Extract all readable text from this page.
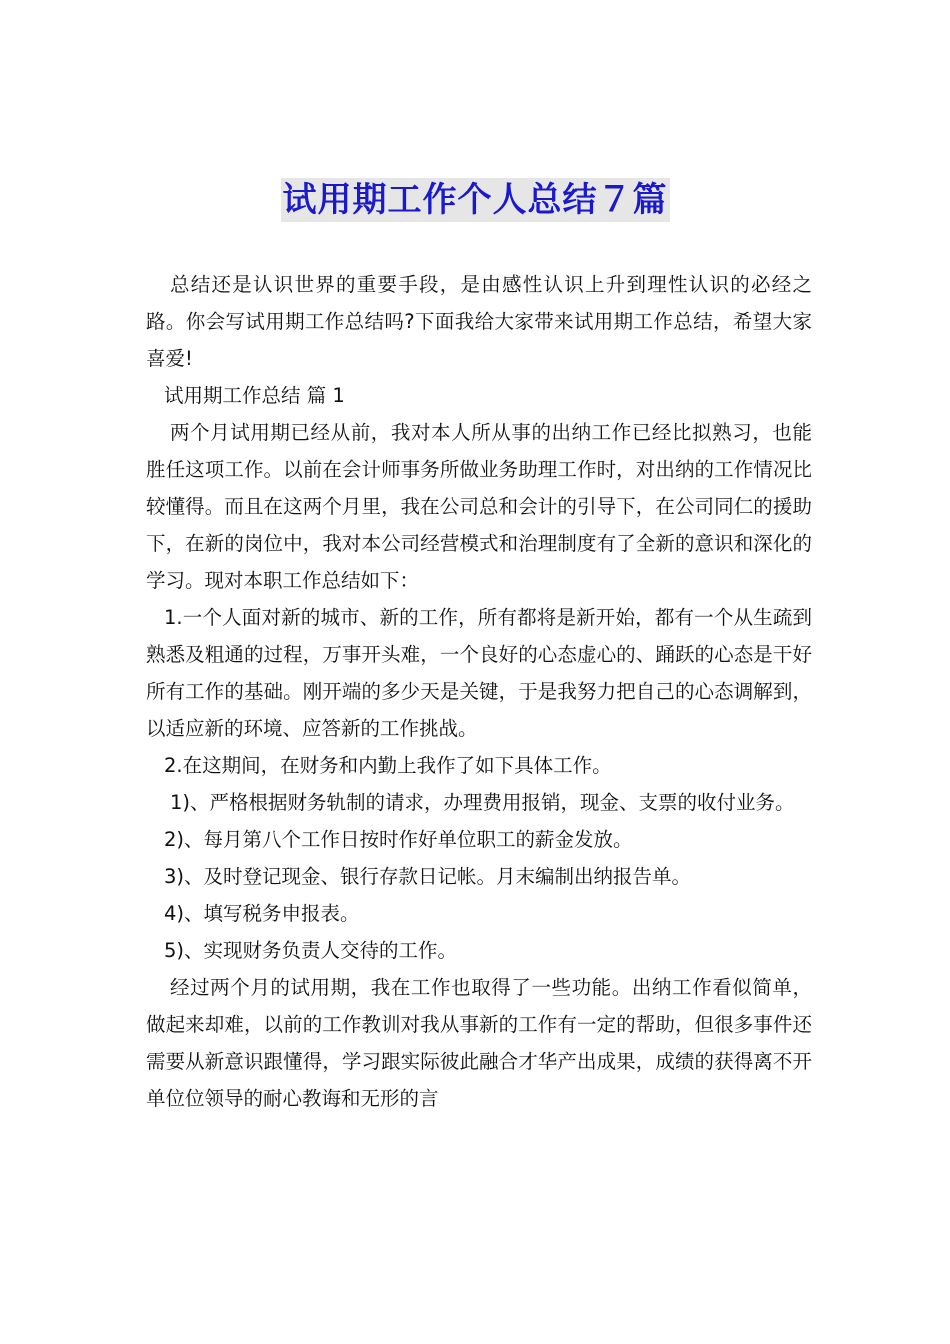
试用期工作个人总结７篇

总结还是认识世界的重要手段，是由感性认识上升到理性认识的必经之路。你会写试用期工作总结吗?下面我给大家带来试用期工作总结，希望大家喜爱!

试用期工作总结 篇 1

两个月试用期已经从前，我对本人所从事的出纳工作已经比拟熟习，也能胜任这项工作。以前在会计师事务所做业务助理工作时，对出纳的工作情况比较懂得。而且在这两个月里，我在公司总和会计的引导下，在公司同仁的援助下，在新的岗位中，我对本公司经营模式和治理制度有了全新的意识和深化的学习。现对本职工作总结如下：

1.一个人面对新的城市、新的工作，所有都将是新开始，都有一个从生疏到熟悉及粗通的过程，万事开头难，一个良好的心态虚心的、踊跃的心态是干好所有工作的基础。刚开端的多少天是关键，于是我努力把自己的心态调解到，以适应新的环境、应答新的工作挑战。

2.在这期间，在财务和内勤上我作了如下具体工作。

1)、严格根据财务轨制的请求，办理费用报销，现金、支票的收付业务。

2)、每月第八个工作日按时作好单位职工的薪金发放。

3)、及时登记现金、银行存款日记帐。月末编制出纳报告单。

4)、填写税务申报表。

5)、实现财务负责人交待的工作。

经过两个月的试用期，我在工作也取得了一些功能。出纳工作看似简单，做起来却难，以前的工作教训对我从事新的工作有一定的帮助，但很多事件还需要从新意识跟懂得，学习跟实际彼此融合才华产出成果，成绩的获得离不开单位位领导的耐心教诲和无形的言
